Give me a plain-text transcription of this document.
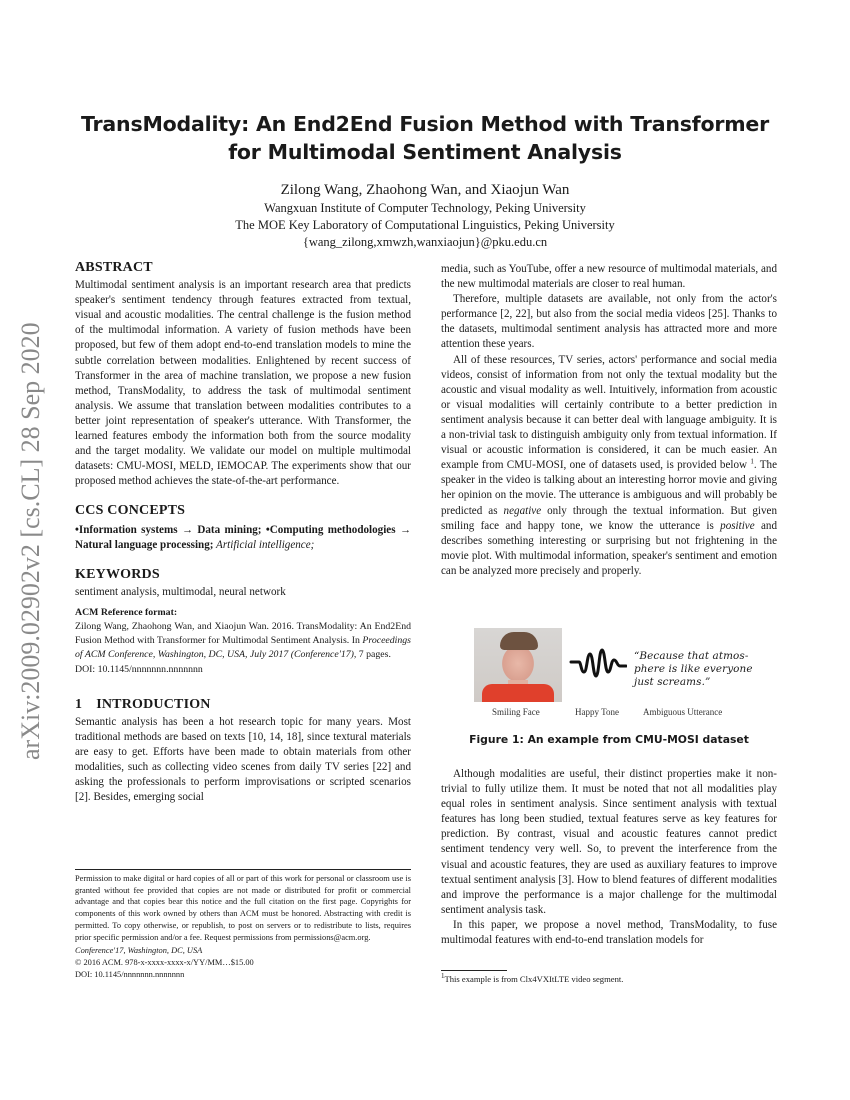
arXiv:2009.02902v2 [cs.CL] 28 Sep 2020
TransModality: An End2End Fusion Method with Transformer
for Multimodal Sentiment Analysis
Zilong Wang, Zhaohong Wan, and Xiaojun Wan
Wangxuan Institute of Computer Technology, Peking University
The MOE Key Laboratory of Computational Linguistics, Peking University
{wang_zilong,xmwzh,wanxiaojun}@pku.edu.cn
ABSTRACT

Multimodal sentiment analysis is an important research area that predicts speaker's sentiment tendency through features extracted from textual, visual and acoustic modalities. The central challenge is the fusion method of the multimodal information. A variety of fusion methods have been proposed, but few of them adopt end-to-end translation models to mine the subtle correlation between modalities. Enlightened by recent success of Transformer in the area of machine translation, we propose a new fusion method, TransModality, to address the task of multimodal sentiment analysis. We assume that translation between modalities contributes to a better joint representation of speaker's utterance. With Transformer, the learned features embody the information both from the source modality and the target modality. We validate our model on multiple multimodal datasets: CMU-MOSI, MELD, IEMOCAP. The experiments show that our proposed method achieves the state-of-the-art performance.

CCS CONCEPTS

•Information systems → Data mining; •Computing methodologies → Natural language processing; Artificial intelligence;

KEYWORDS

sentiment analysis, multimodal, neural network

ACM Reference format:
Zilong Wang, Zhaohong Wan, and Xiaojun Wan. 2016. TransModality: An End2End Fusion Method with Transformer for Multimodal Sentiment Analysis. In Proceedings of ACM Conference, Washington, DC, USA, July 2017 (Conference'17), 7 pages.
DOI: 10.1145/nnnnnnn.nnnnnnn
1 INTRODUCTION

Semantic analysis has been a hot research topic for many years. Most traditional methods are based on texts [10, 14, 18], since textural materials are easy to get. Efforts have been made to obtain materials from other modalities, such as collecting video scenes from daily TV series [22] and asking the professionals to perform improvisations or scripted scenarios [2]. Besides, emerging social

Permission to make digital or hard copies of all or part of this work for personal or classroom use is granted without fee provided that copies are not made or distributed for profit or commercial advantage and that copies bear this notice and the full citation on the first page. Copyrights for components of this work owned by others than ACM must be honored. Abstracting with credit is permitted. To copy otherwise, or republish, to post on servers or to redistribute to lists, requires prior specific permission and/or a fee. Request permissions from permissions@acm.org.

Conference'17, Washington, DC, USA
© 2016 ACM. 978-x-xxxx-xxxx-x/YY/MM…$15.00
DOI: 10.1145/nnnnnnn.nnnnnnn

media, such as YouTube, offer a new resource of multimodal materials, and the new multimodal materials are closer to real human.

Therefore, multiple datasets are available, not only from the actor's performance [2, 22], but also from the social media videos [25]. Thanks to the datasets, multimodal sentiment analysis has attracted more and more attention these years.

All of these resources, TV series, actors' performance and social media videos, consist of information from not only the textual modality but the acoustic and visual modality as well. Intuitively, information from acoustic or visual modalities will certainly contribute to a better prediction in sentiment analysis because it can better deal with language ambiguity. It is a non-trivial task to distinguish ambiguity only from textual information. If visual or acoustic information is considered, it can be much easier. An example from CMU-MOSI, one of datasets used, is provided below $^1$. The speaker in the video is talking about an interesting horror movie and giving her opinion on the movie. The utterance is ambiguous and will probably be predicted as negative only through the textual information. But given smiling face and happy tone, we know the utterance is positive and describes something interesting or surprising but not frightening in the movie plot. With multimodal information, speaker's sentiment and emotion can be analyzed more precisely and properly.

“Because that atmos-
phere is like everyone
just screams.”
Smiling Face	Happy Tone	Ambiguous Utterance
Figure 1: An example from CMU-MOSI dataset

Although modalities are useful, their distinct properties make it non-trivial to fully utilize them. It must be noted that not all modalities play equal roles in sentiment analysis. Since sentiment analysis with textual features has long been studied, textual features serve as key features for prediction. By contrast, visual and acoustic features cannot predict sentiment tendency very well. So, to prevent the interference from the visual and acoustic features, they are used as auxiliary features to improve textual sentiment analysis [3]. How to blend features of different modalities and improve the performance is a major challenge for the multimodal sentiment analysis task.

In this paper, we propose a novel method, TransModality, to fuse multimodal features with end-to-end translation models for

$^1$This example is from Clx4VXItLTE video segment.
